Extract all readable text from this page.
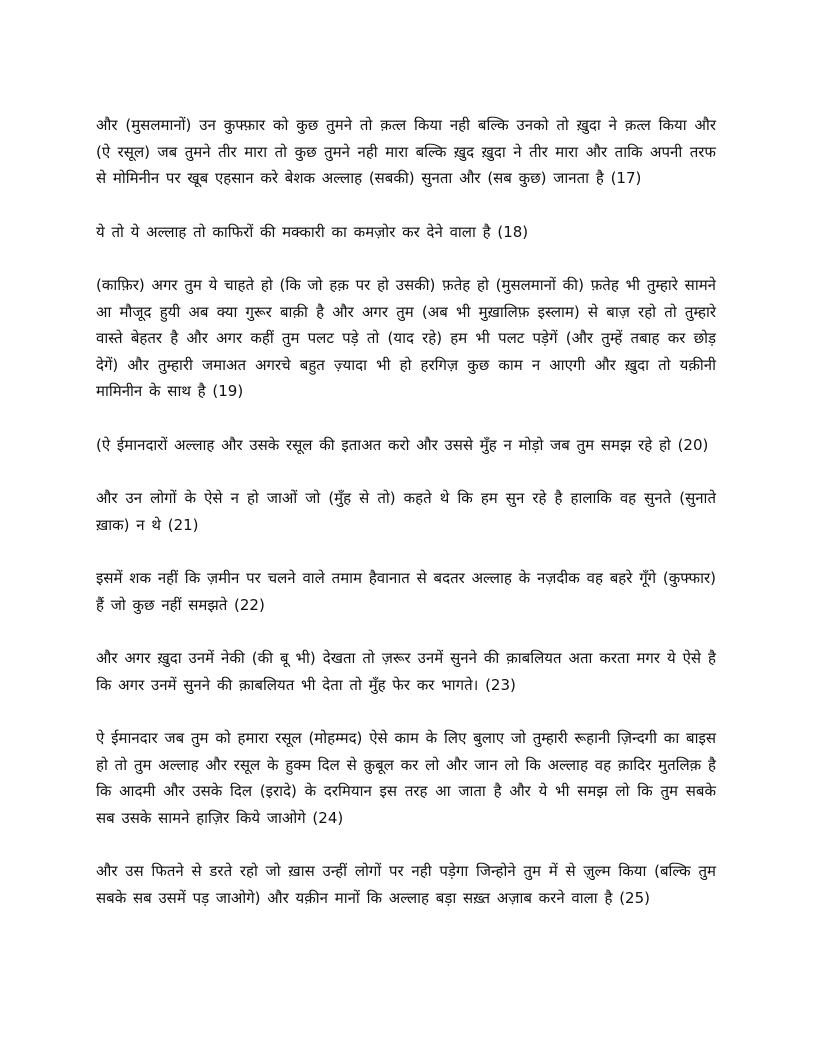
और (मुसलमानों) उन कुफ्फ़ार को कुछ तुमने तो क़त्ल किया नही बल्कि उनको तो ख़ुदा ने क़त्ल किया और (ऐ रसूल) जब तुमने तीर मारा तो कुछ तुमने नही मारा बल्कि ख़ुद ख़ुदा ने तीर मारा और ताकि अपनी तरफ से मोमिनीन पर खूब एहसान करे बेशक अल्लाह (सबकी) सुनता और (सब कुछ) जानता है (17)

ये तो ये अल्लाह तो काफिरों की मक्कारी का कमज़ोर कर देने वाला है (18)

(काफ़िर) अगर तुम ये चाहते हो (कि जो हक़ पर हो उसकी) फ़तेह हो (मुसलमानों की) फ़तेह भी तुम्हारे सामने आ मौजूद हुयी अब क्या गुरूर बाक़ी है और अगर तुम (अब भी मुख़ालिफ़ इस्लाम) से बाज़ रहो तो तुम्हारे वास्ते बेहतर है और अगर कहीं तुम पलट पड़े तो (याद रहे) हम भी पलट पड़ेगें (और तुम्हें तबाह कर छोड़ देगें) और तुम्हारी जमाअत अगरचे बहुत ज़्यादा भी हो हरगिज़ कुछ काम न आएगी और ख़ुदा तो यक़ीनी मामिनीन के साथ है (19)

(ऐ ईमानदारों अल्लाह और उसके रसूल की इताअत करो और उससे मुँह न मोड़ो जब तुम समझ रहे हो (20)

और उन लोगों के ऐसे न हो जाओं जो (मुँह से तो) कहते थे कि हम सुन रहे है हालाकि वह सुनते (सुनाते ख़ाक) न थे (21)

इसमें शक नहीं कि ज़मीन पर चलने वाले तमाम हैवानात से बदतर अल्लाह के नज़दीक वह बहरे गूँगे (कुफ्फार) हैं जो कुछ नहीं समझते (22)

और अगर ख़ुदा उनमें नेकी (की बू भी) देखता तो ज़रूर उनमें सुनने की क़ाबलियत अता करता मगर ये ऐसे है कि अगर उनमें सुनने की क़ाबलियत भी देता तो मुँह फेर कर भागते। (23)

ऐ ईमानदार जब तुम को हमारा रसूल (मोहम्मद) ऐसे काम के लिए बुलाए जो तुम्हारी रूहानी ज़िन्दगी का बाइस हो तो तुम अल्लाह और रसूल के हुक्म दिल से क़ुबूल कर लो और जान लो कि अल्लाह वह क़ादिर मुतलिक़ है कि आदमी और उसके दिल (इरादे) के दरमियान इस तरह आ जाता है और ये भी समझ लो कि तुम सबके सब उसके सामने हाज़िर किये जाओगे (24)

और उस फितने से डरते रहो जो ख़ास उन्हीं लोगों पर नही पड़ेगा जिन्होने तुम में से ज़ुल्म किया (बल्कि तुम सबके सब उसमें पड़ जाओगे) और यक़ीन मानों कि अल्लाह बड़ा सख़्त अज़ाब करने वाला है (25)
